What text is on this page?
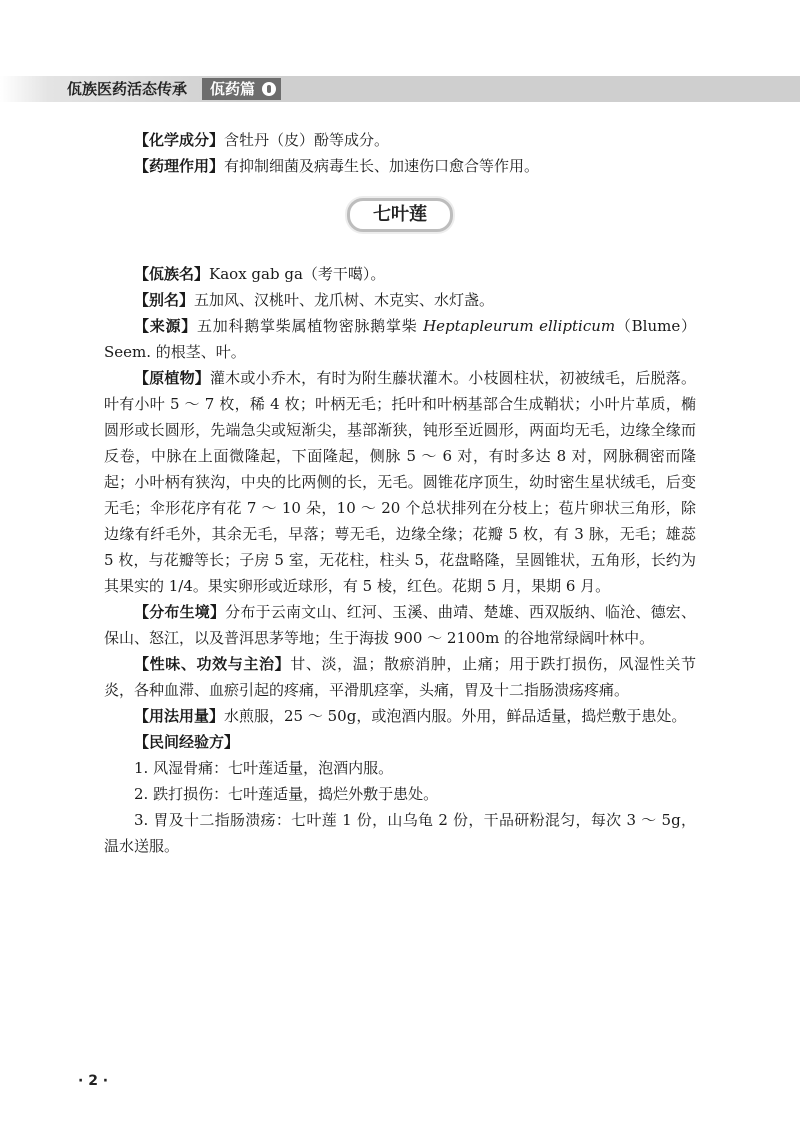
佤族医药活态传承	佤药篇

【化学成分】含牡丹（皮）酚等成分。

【药理作用】有抑制细菌及病毒生长、加速伤口愈合等作用。

七叶莲

【佤族名】Kaox gab ga（考干噶）。

【别名】五加风、汉桃叶、龙爪树、木克实、水灯盏。

【来源】五加科鹅掌柴属植物密脉鹅掌柴 Heptapleurum ellipticum（Blume）Seem. 的根茎、叶。

【原植物】灌木或小乔木，有时为附生藤状灌木。小枝圆柱状，初被绒毛，后脱落。叶有小叶 5 ～ 7 枚，稀 4 枚；叶柄无毛；托叶和叶柄基部合生成鞘状；小叶片革质，椭圆形或长圆形，先端急尖或短渐尖，基部渐狭，钝形至近圆形，两面均无毛，边缘全缘而反卷，中脉在上面微隆起，下面隆起，侧脉 5 ～ 6 对，有时多达 8 对，网脉稠密而隆起；小叶柄有狭沟，中央的比两侧的长，无毛。圆锥花序顶生，幼时密生星状绒毛，后变无毛；伞形花序有花 7 ～ 10 朵，10 ～ 20 个总状排列在分枝上；苞片卵状三角形，除边缘有纤毛外，其余无毛，早落；萼无毛，边缘全缘；花瓣 5 枚，有 3 脉，无毛；雄蕊 5 枚，与花瓣等长；子房 5 室，无花柱，柱头 5，花盘略隆，呈圆锥状，五角形，长约为其果实的 1/4。果实卵形或近球形，有 5 棱，红色。花期 5 月，果期 6 月。

【分布生境】分布于云南文山、红河、玉溪、曲靖、楚雄、西双版纳、临沧、德宏、保山、怒江，以及普洱思茅等地；生于海拔 900 ～ 2100m 的谷地常绿阔叶林中。

【性味、功效与主治】甘、淡，温；散瘀消肿，止痛；用于跌打损伤，风湿性关节炎，各种血滞、血瘀引起的疼痛，平滑肌痉挛，头痛，胃及十二指肠溃疡疼痛。

【用法用量】水煎服，25 ～ 50g，或泡酒内服。外用，鲜品适量，捣烂敷于患处。

【民间经验方】

1. 风湿骨痛：七叶莲适量，泡酒内服。

2. 跌打损伤：七叶莲适量，捣烂外敷于患处。

3. 胃及十二指肠溃疡：七叶莲 1 份，山乌龟 2 份，干品研粉混匀，每次 3 ～ 5g，温水送服。

· 2 ·
